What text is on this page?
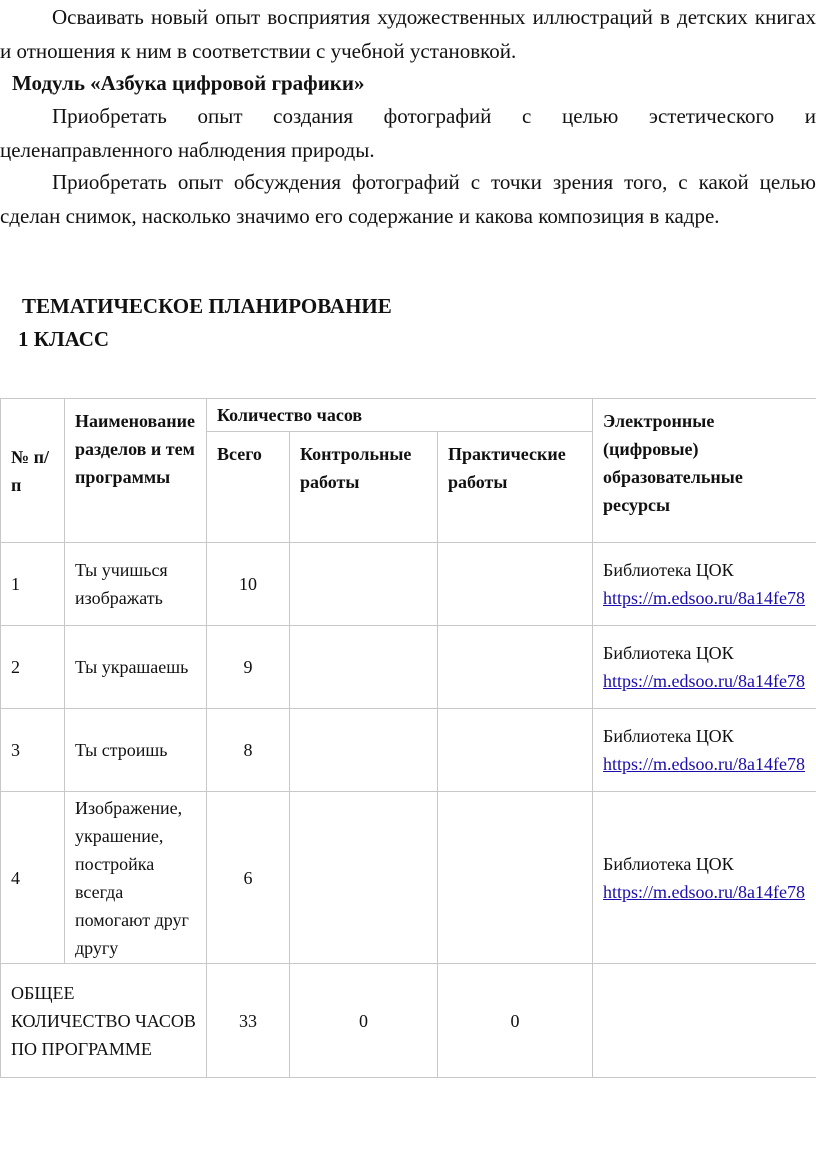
Осваивать новый опыт восприятия художественных иллюстраций в детских книгах и отношения к ним в соответствии с учебной установкой.

Модуль «Азбука цифровой графики»

Приобретать опыт создания фотографий с целью эстетического и целенаправленного наблюдения природы.

Приобретать опыт обсуждения фотографий с точки зрения того, с какой целью сделан снимок, насколько значимо его содержание и какова композиция в кадре.

ТЕМАТИЧЕСКОЕ ПЛАНИРОВАНИЕ

1 КЛАСС

№ п/п	Наименование разделов и тем программы	Количество часов			Электронные (цифровые) образовательные ресурсы
		Всего	Контрольные работы	Практические работы	
1	Ты учишься изображать	10			Библиотека ЦОК
https://m.edsoo.ru/8a14fe78
2	Ты украшаешь	9			Библиотека ЦОК
https://m.edsoo.ru/8a14fe78
3	Ты строишь	8			Библиотека ЦОК
https://m.edsoo.ru/8a14fe78
4	Изображение, украшение, постройка всегда помогают друг другу	6			Библиотека ЦОК
https://m.edsoo.ru/8a14fe78
ОБЩЕЕ КОЛИЧЕСТВО ЧАСОВ ПО ПРОГРАММЕ		33	0	0	
